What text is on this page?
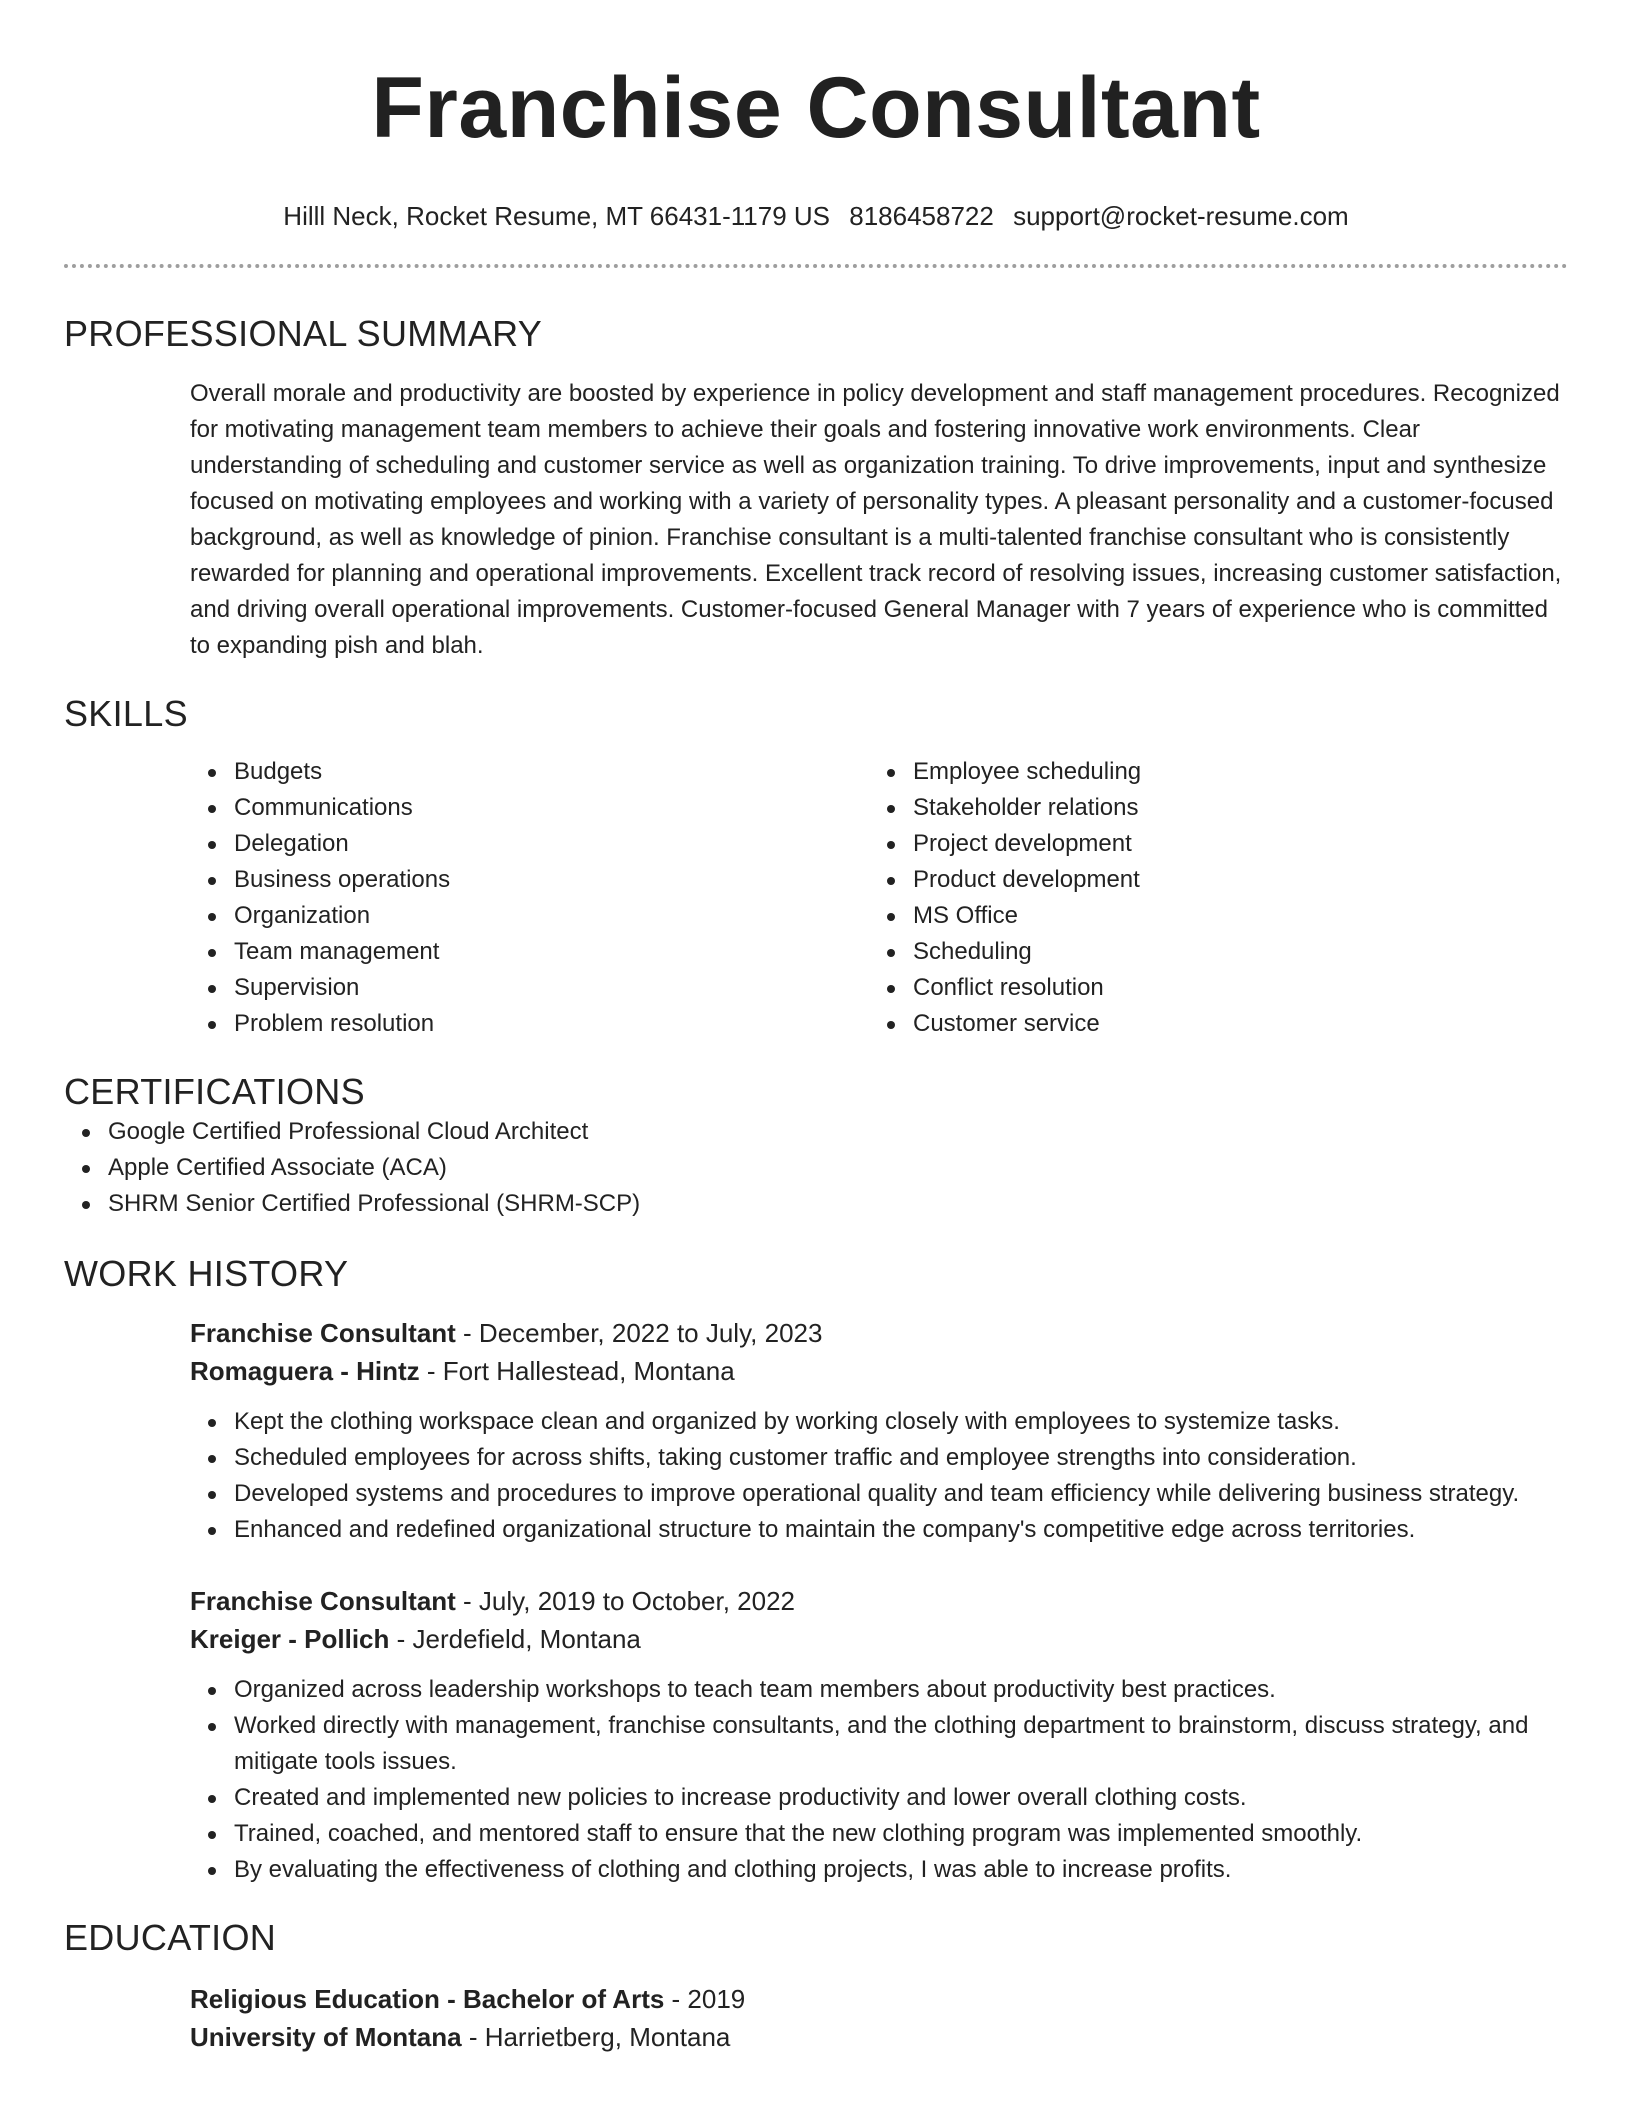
Franchise Consultant
Hilll Neck, Rocket Resume, MT 66431-1179 US 8186458722 support@rocket-resume.com
PROFESSIONAL SUMMARY
Overall morale and productivity are boosted by experience in policy development and staff management procedures. Recognized for motivating management team members to achieve their goals and fostering innovative work environments. Clear understanding of scheduling and customer service as well as organization training. To drive improvements, input and synthesize focused on motivating employees and working with a variety of personality types. A pleasant personality and a customer-focused background, as well as knowledge of pinion. Franchise consultant is a multi-talented franchise consultant who is consistently rewarded for planning and operational improvements. Excellent track record of resolving issues, increasing customer satisfaction, and driving overall operational improvements. Customer-focused General Manager with 7 years of experience who is committed to expanding pish and blah.
SKILLS
Budgets
Communications
Delegation
Business operations
Organization
Team management
Supervision
Problem resolution
Employee scheduling
Stakeholder relations
Project development
Product development
MS Office
Scheduling
Conflict resolution
Customer service
CERTIFICATIONS
Google Certified Professional Cloud Architect
Apple Certified Associate (ACA)
SHRM Senior Certified Professional (SHRM-SCP)
WORK HISTORY
Franchise Consultant - December, 2022 to July, 2023
Romaguera - Hintz - Fort Hallestead, Montana
Kept the clothing workspace clean and organized by working closely with employees to systemize tasks.
Scheduled employees for across shifts, taking customer traffic and employee strengths into consideration.
Developed systems and procedures to improve operational quality and team efficiency while delivering business strategy.
Enhanced and redefined organizational structure to maintain the company's competitive edge across territories.
Franchise Consultant - July, 2019 to October, 2022
Kreiger - Pollich - Jerdefield, Montana
Organized across leadership workshops to teach team members about productivity best practices.
Worked directly with management, franchise consultants, and the clothing department to brainstorm, discuss strategy, and mitigate tools issues.
Created and implemented new policies to increase productivity and lower overall clothing costs.
Trained, coached, and mentored staff to ensure that the new clothing program was implemented smoothly.
By evaluating the effectiveness of clothing and clothing projects, I was able to increase profits.
EDUCATION
Religious Education - Bachelor of Arts - 2019
University of Montana - Harrietberg, Montana
